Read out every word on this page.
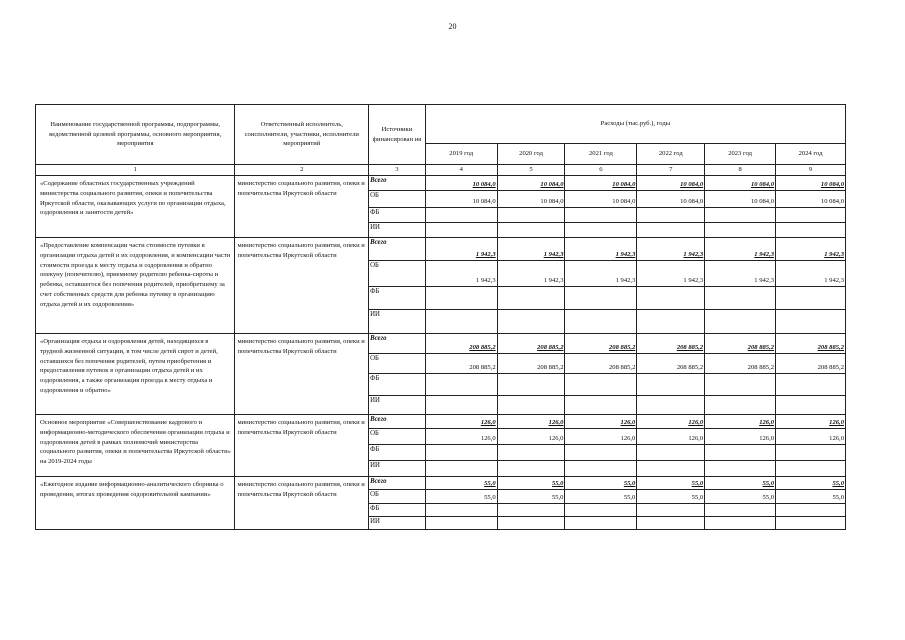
20
Наименование государственной программы, подпрограммы, ведомственной целевой программы, основного мероприятия, мероприятия	Ответственный исполнитель, соисполнители, участники, исполнители мероприятий	Источники финансирован ия	Расходы (тыс.руб.), годы					
			2019 год	2020 год	2021 год	2022 год	2023 год	2024 год
1	2	3	4	5	6	7	8	9
«Содержание областных государственных учреждений министерства социального развития, опеки и попечительства Иркутской области, оказывающих услуги по организации отдыха, оздоровления и занятости детей»	министерство социального развития, опеки и попечительства Иркутской области	Всего	10 084,0	10 084,0	10 084,0	10 084,0	10 084,0	10 084,0
		ОБ	10 084,0	10 084,0	10 084,0	10 084,0	10 084,0	10 084,0
		ФБ						
		ИИ						
«Предоставление компенсации части стоимости путевки в организации отдыха детей и их оздоровления, и компенсации части стоимости проезда к месту отдыха и оздоровления и обратно опекуну (попечителю), приемному родителю ребенка-сироты и ребенка, оставшегося без попечения родителей, приобретшему за счет собственных средств для ребенка путевку в организацию отдыха детей и их оздоровления»	министерство социального развития, опеки и попечительства Иркутской области	Всего	1 942,3	1 942,3	1 942,3	1 942,3	1 942,3	1 942,3
		ОБ	1 942,3	1 942,3	1 942,3	1 942,3	1 942,3	1 942,3
		ФБ						
		ИИ						
«Организация отдыха и оздоровления детей, находящихся в трудной жизненной ситуации, в том числе детей сирот и детей, оставшихся без попечения родителей, путем приобретения и предоставления путевок в организации отдыха детей и их оздоровления, а также организация проезда к месту отдыха и оздоровления и обратно»	министерство социального развития, опеки и попечительства Иркутской области	Всего	208 885,2	208 885,2	208 885,2	208 885,2	208 885,2	208 885,2
		ОБ	208 885,2	208 885,2	208 885,2	208 885,2	208 885,2	208 885,2
		ФБ						
		ИИ						
Основное мероприятие «Совершенствование кадрового и информационно-методического обеспечения организации отдыха и оздоровления детей в рамках полномочий министерства социального развития, опеки и попечительства Иркутской области» на 2019-2024 годы	министерство социального развития, опеки и попечительства Иркутской области	Всего	126,0	126,0	126,0	126,0	126,0	126,0
		ОБ	126,0	126,0	126,0	126,0	126,0	126,0
		ФБ						
		ИИ						
«Ежегодное издание информационно-аналитического сборника о проведении, итогах проведения оздоровительной кампании»	министерство социального развития, опеки и попечительства Иркутской области	Всего	55,0	55,0	55,0	55,0	55,0	55,0
		ОБ	55,0	55,0	55,0	55,0	55,0	55,0
		ФБ						
		ИИ						
